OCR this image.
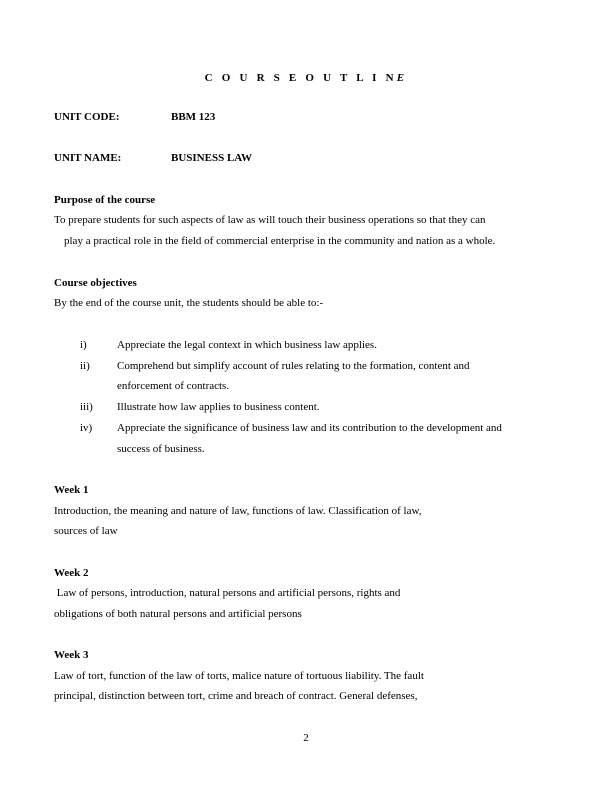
C O U R S E O U T L I NE
UNIT CODE:	BBM 123
UNIT NAME:	BUSINESS LAW
Purpose of the course
To prepare students for such aspects of law as will touch their business operations so that they can
play a practical role in the field of commercial enterprise in the community and nation as a whole.
Course objectives
By the end of the course unit, the students should be able to:-
i)	Appreciate the legal context in which business law applies.
ii) Comprehend but simplify account of rules relating to the formation, content and
enforcement of contracts.
iii) Illustrate how law applies to business content.
iv) Appreciate the significance of business law and its contribution to the development and
success of business.
Week 1
Introduction, the meaning and nature of law, functions of law. Classification of law,
sources of law
Week 2
Law of persons, introduction, natural persons and artificial persons, rights and
obligations of both natural persons and artificial persons
Week 3
Law of tort, function of the law of torts, malice nature of tortuous liability. The fault
principal, distinction between tort, crime and breach of contract. General defenses,
2
